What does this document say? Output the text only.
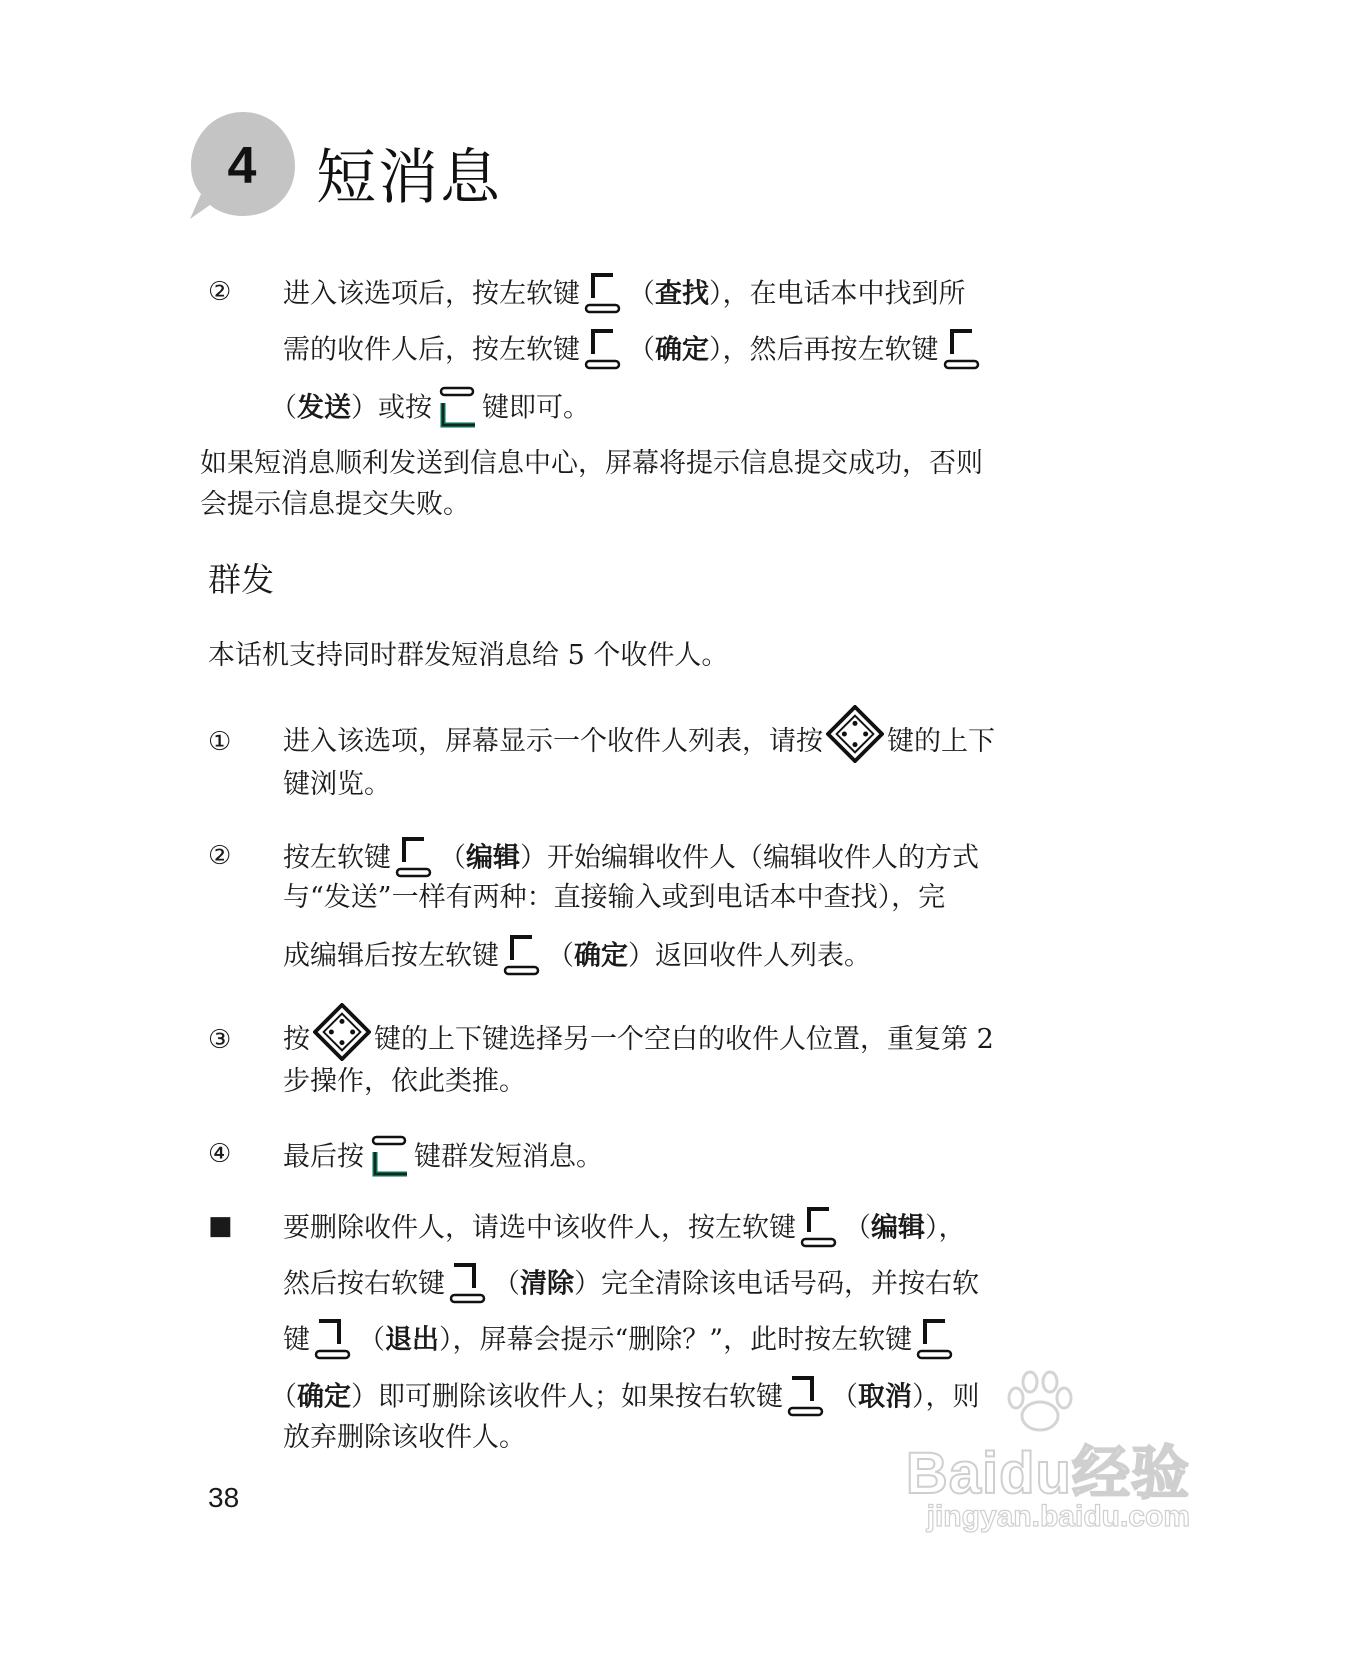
4 短消息
② 进入该选项后，按左软键 （查找），在电话本中找到所
需的收件人后，按左软键 （确定），然后再按左软键
（发送）或按 键即可。
如果短消息顺利发送到信息中心，屏幕将提示信息提交成功，否则
会提示信息提交失败。
群发
本话机支持同时群发短消息给 5 个收件人。
① 进入该选项，屏幕显示一个收件人列表，请按 键的上下
键浏览。
② 按左软键 （编辑）开始编辑收件人（编辑收件人的方式
与“发送”一样有两种：直接输入或到电话本中查找），完
成编辑后按左软键 （确定）返回收件人列表。
③ 按 键的上下键选择另一个空白的收件人位置，重复第 2
步操作，依此类推。
④ 最后按 键群发短消息。
■ 要删除收件人，请选中该收件人，按左软键 （编辑），
然后按右软键 （清除）完全清除该电话号码，并按右软
键 （退出），屏幕会提示“删除？”，此时按左软键
（确定）即可删除该收件人；如果按右软键 （取消），则
放弃删除该收件人。
38	Baidu经验
jingyan.baidu.com
